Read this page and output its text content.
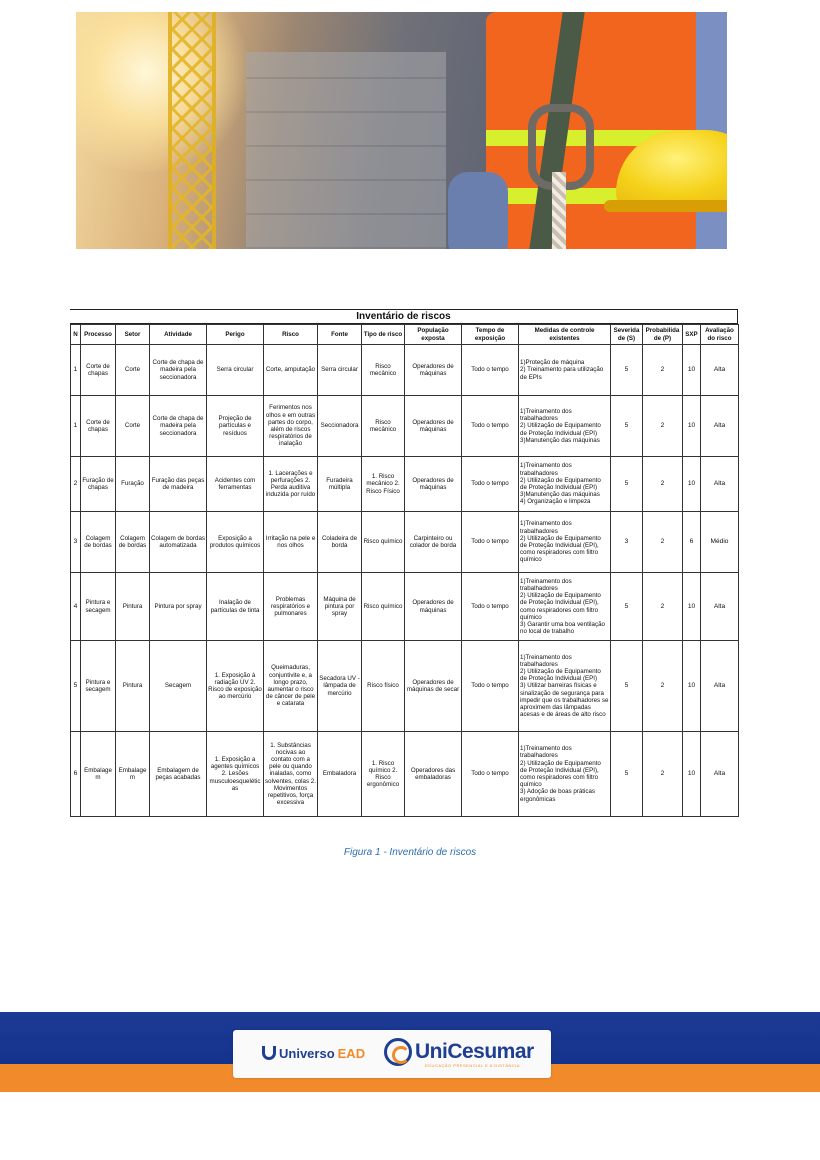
Inventário de riscos
N	Processo	Setor	Atividade	Perigo	Risco	Fonte	Tipo de risco	População exposta	Tempo de exposição	Medidas de controle existentes	Severidade (S)	Probabilidade (P)	SXP	Avaliação do risco
1	Corte de chapas	Corte	Corte de chapa de madeira pela seccionadora	Serra circular	Corte, amputação	Serra circular	Risco mecânico	Operadores de máquinas	Todo o tempo	1)Proteção de máquina
2) Treinamento para utilização de EPIs	5	2	10	Alta
1	Corte de chapas	Corte	Corte de chapa de madeira pela seccionadora	Projeção de partículas e resíduos	Ferimentos nos olhos e em outras partes do corpo, além de riscos respiratórios de inalação	Seccionadora	Risco mecânico	Operadores de máquinas	Todo o tempo	1)Treinamento dos trabalhadores
2) Utilização de Equipamento de Proteção Individual (EPI)
3)Manutenção das máquinas	5	2	10	Alta
2	Furação de chapas	Furação	Furação das peças de madeira	Acidentes com ferramentas	1. Lacerações e perfurações 2. Perda auditiva induzida por ruído	Furadeira múltipla	1. Risco mecânico 2. Risco Físico	Operadores de máquinas	Todo o tempo	1)Treinamento dos trabalhadores
2) Utilização de Equipamento de Proteção Individual (EPI)
3)Manutenção das máquinas
4) Organização e limpeza	5	2	10	Alta
3	Colagem de bordas	Colagem de bordas	Colagem de bordas automatizada	Exposição a produtos químicos	Irritação na pele e nos olhos	Coladeira de borda	Risco químico	Carpinteiro ou colador de borda	Todo o tempo	1)Treinamento dos trabalhadores
2) Utilização de Equipamento de Proteção Individual (EPI), como respiradores com filtro químico	3	2	6	Médio
4	Pintura e secagem	Pintura	Pintura por spray	Inalação de partículas de tinta	Problemas respiratórios e pulmonares	Máquina de pintura por spray	Risco químico	Operadores de máquinas	Todo o tempo	1)Treinamento dos trabalhadores
2) Utilização de Equipamento de Proteção Individual (EPI), como respiradores com filtro químico
3) Garantir uma boa ventilação no local de trabalho	5	2	10	Alta
5	Pintura e secagem	Pintura	Secagem	1. Exposição à radiação UV 2. Risco de exposição ao mercúrio	Queimaduras, conjuntivite e, a longo prazo, aumentar o risco de câncer de pele e catarata	Secadora UV - lâmpada de mercúrio	Risco físico	Operadores de máquinas de secar	Todo o tempo	1)Treinamento dos trabalhadores
2) Utilização de Equipamento de Proteção Individual (EPI)
3) Utilizar barreiras físicas e sinalização de segurança para impedir que os trabalhadores se aproximem das lâmpadas acesas e de áreas de alto risco	5	2	10	Alta
6	Embalagem	Embalagem	Embalagem de peças acabadas	1. Exposição a agentes químicos 2. Lesões musculoesqueléticas	1. Substâncias nocivas ao contato com a pele ou quando inaladas, como solventes, colas 2. Movimentos repetitivos, força excessiva	Embaladora	1. Risco químico 2. Risco ergonômico	Operadores das embaladoras	Todo o tempo	1)Treinamento dos trabalhadores
2) Utilização de Equipamento de Proteção Individual (EPI), como respiradores com filtro químico
3) Adoção de boas práticas ergonômicas	5	2	10	Alta
Figura 1 - Inventário de riscos
Universo EAD UniCesumar
EDUCAÇÃO PRESENCIAL E A DISTÂNCIA
